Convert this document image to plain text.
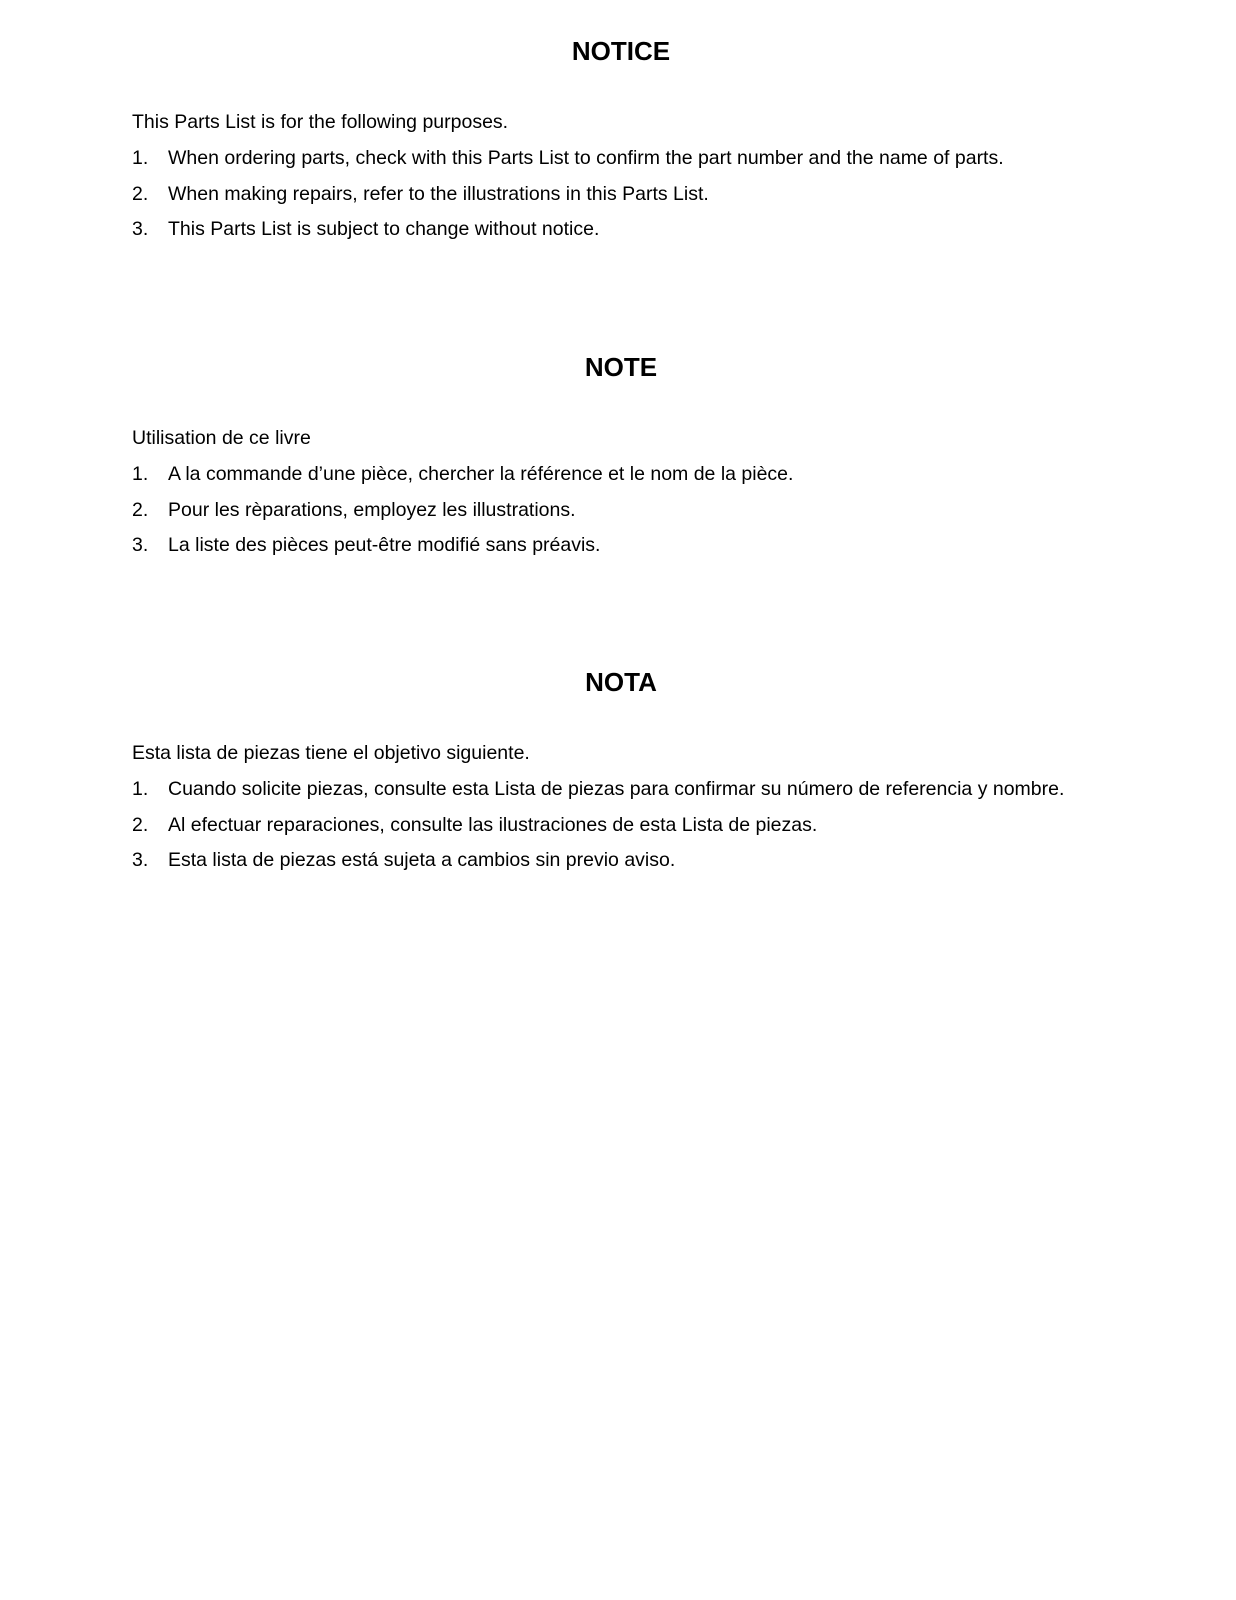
NOTICE

This Parts List is for the following purposes.

1. When ordering parts, check with this Parts List to confirm the part number and the name of parts.
2. When making repairs, refer to the illustrations in this Parts List.
3. This Parts List is subject to change without notice.
NOTE

Utilisation de ce livre

1. A la commande d’une pièce, chercher la référence et le nom de la pièce.
2. Pour les rèparations, employez les illustrations.
3. La liste des pièces peut-être modifié sans préavis.
NOTA

Esta lista de piezas tiene el objetivo siguiente.

1. Cuando solicite piezas, consulte esta Lista de piezas para confirmar su número de referencia y nombre.
2. Al efectuar reparaciones, consulte las ilustraciones de esta Lista de piezas.
3. Esta lista de piezas está sujeta a cambios sin previo aviso.
